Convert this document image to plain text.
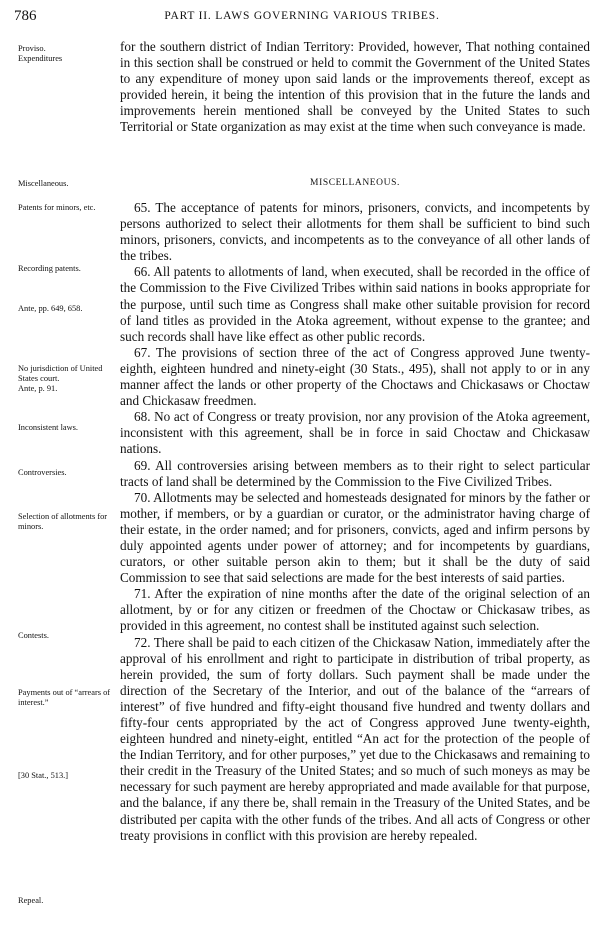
786	PART II. LAWS GOVERNING VARIOUS TRIBES.
Proviso.
Expenditures
Miscellaneous.
Patents for minors, etc.
Recording patents.
Ante, pp. 649, 658.
No jurisdiction of United States court.
Ante, p. 91.
Inconsistent laws.
Controversies.
Selection of allotments for minors.
Contests.
Payments out of “arrears of interest.”
[30 Stat., 513.]
Repeal.

for the southern district of Indian Territory: Provided, however, That nothing contained in this section shall be construed or held to commit the Government of the United States to any expenditure of money upon said lands or the improvements thereof, except as provided herein, it being the intention of this provision that in the future the lands and improvements herein mentioned shall be conveyed by the United States to such Territorial or State organization as may exist at the time when such conveyance is made.

MISCELLANEOUS.

65. The acceptance of patents for minors, prisoners, convicts, and incompetents by persons authorized to select their allotments for them shall be sufficient to bind such minors, prisoners, convicts, and incompetents as to the conveyance of all other lands of the tribes.

66. All patents to allotments of land, when executed, shall be recorded in the office of the Commission to the Five Civilized Tribes within said nations in books appropriate for the purpose, until such time as Congress shall make other suitable provision for record of land titles as provided in the Atoka agreement, without expense to the grantee; and such records shall have like effect as other public records.

67. The provisions of section three of the act of Congress approved June twenty-eighth, eighteen hundred and ninety-eight (30 Stats., 495), shall not apply to or in any manner affect the lands or other property of the Choctaws and Chickasaws or Choctaw and Chickasaw freedmen.

68. No act of Congress or treaty provision, nor any provision of the Atoka agreement, inconsistent with this agreement, shall be in force in said Choctaw and Chickasaw nations.

69. All controversies arising between members as to their right to select particular tracts of land shall be determined by the Commission to the Five Civilized Tribes.

70. Allotments may be selected and homesteads designated for minors by the father or mother, if members, or by a guardian or curator, or the administrator having charge of their estate, in the order named; and for prisoners, convicts, aged and infirm persons by duly appointed agents under power of attorney; and for incompetents by guardians, curators, or other suitable person akin to them; but it shall be the duty of said Commission to see that said selections are made for the best interests of said parties.

71. After the expiration of nine months after the date of the original selection of an allotment, by or for any citizen or freedmen of the Choctaw or Chickasaw tribes, as provided in this agreement, no contest shall be instituted against such selection.

72. There shall be paid to each citizen of the Chickasaw Nation, immediately after the approval of his enrollment and right to participate in distribution of tribal property, as herein provided, the sum of forty dollars. Such payment shall be made under the direction of the Secretary of the Interior, and out of the balance of the “arrears of interest” of five hundred and fifty-eight thousand five hundred and twenty dollars and fifty-four cents appropriated by the act of Congress approved June twenty-eighth, eighteen hundred and ninety-eight, entitled “An act for the protection of the people of the Indian Territory, and for other purposes,” yet due to the Chickasaws and remaining to their credit in the Treasury of the United States; and so much of such moneys as may be necessary for such payment are hereby appropriated and made available for that purpose, and the balance, if any there be, shall remain in the Treasury of the United States, and be distributed per capita with the other funds of the tribes. And all acts of Congress or other treaty provisions in conflict with this provision are hereby repealed.
